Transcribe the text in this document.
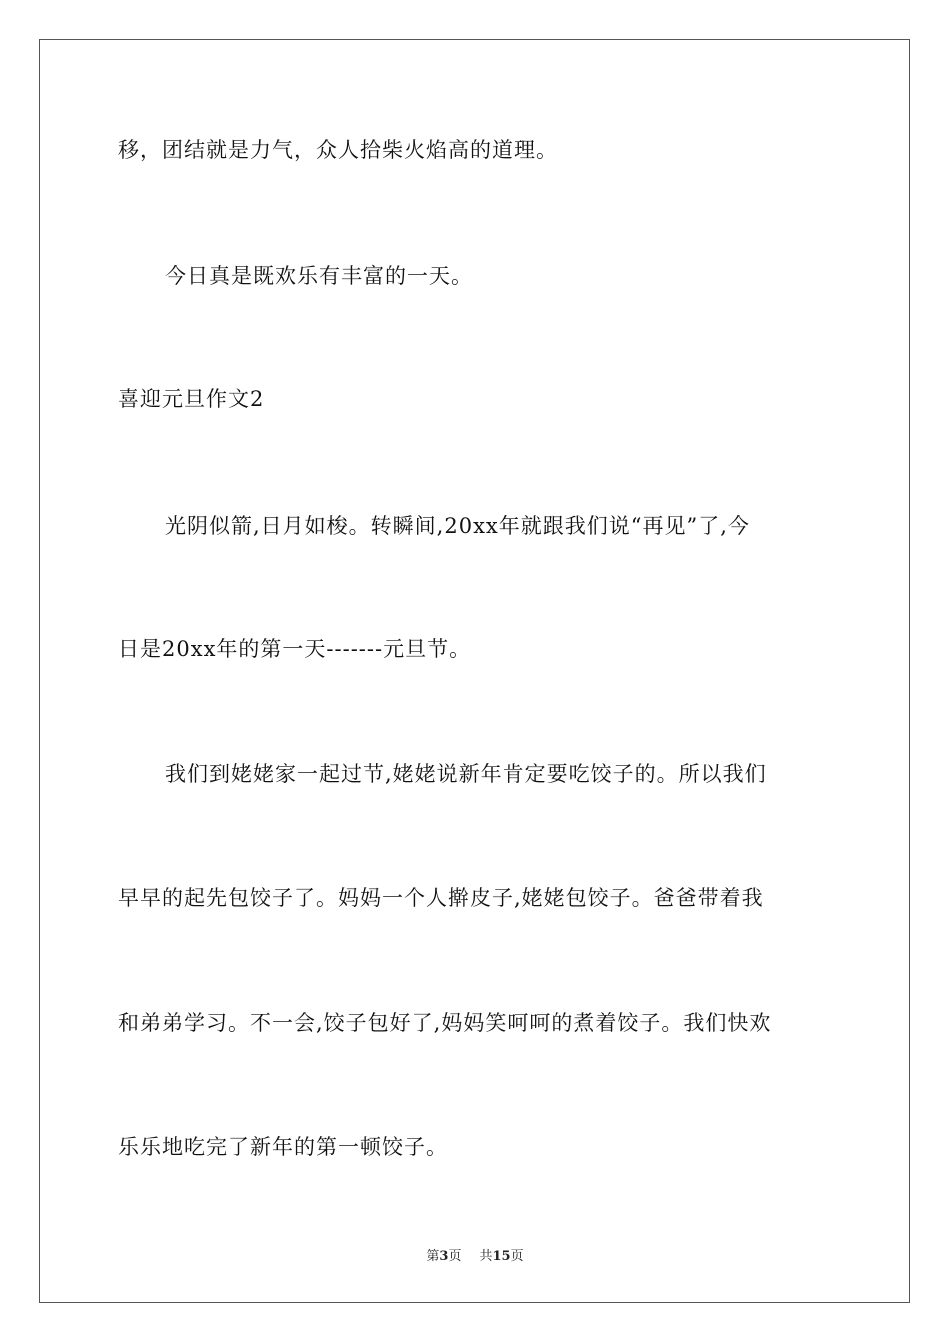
移，团结就是力气，众人拾柴火焰高的道理。
今日真是既欢乐有丰富的一天。
喜迎元旦作文2
光阴似箭,日月如梭。转瞬间,20xx年就跟我们说“再见”了,今
日是20xx年的第一天-------元旦节。
我们到姥姥家一起过节,姥姥说新年肯定要吃饺子的。所以我们
早早的起先包饺子了。妈妈一个人擀皮子,姥姥包饺子。爸爸带着我
和弟弟学习。不一会,饺子包好了,妈妈笑呵呵的煮着饺子。我们快欢
乐乐地吃完了新年的第一顿饺子。
第3页 共15页
